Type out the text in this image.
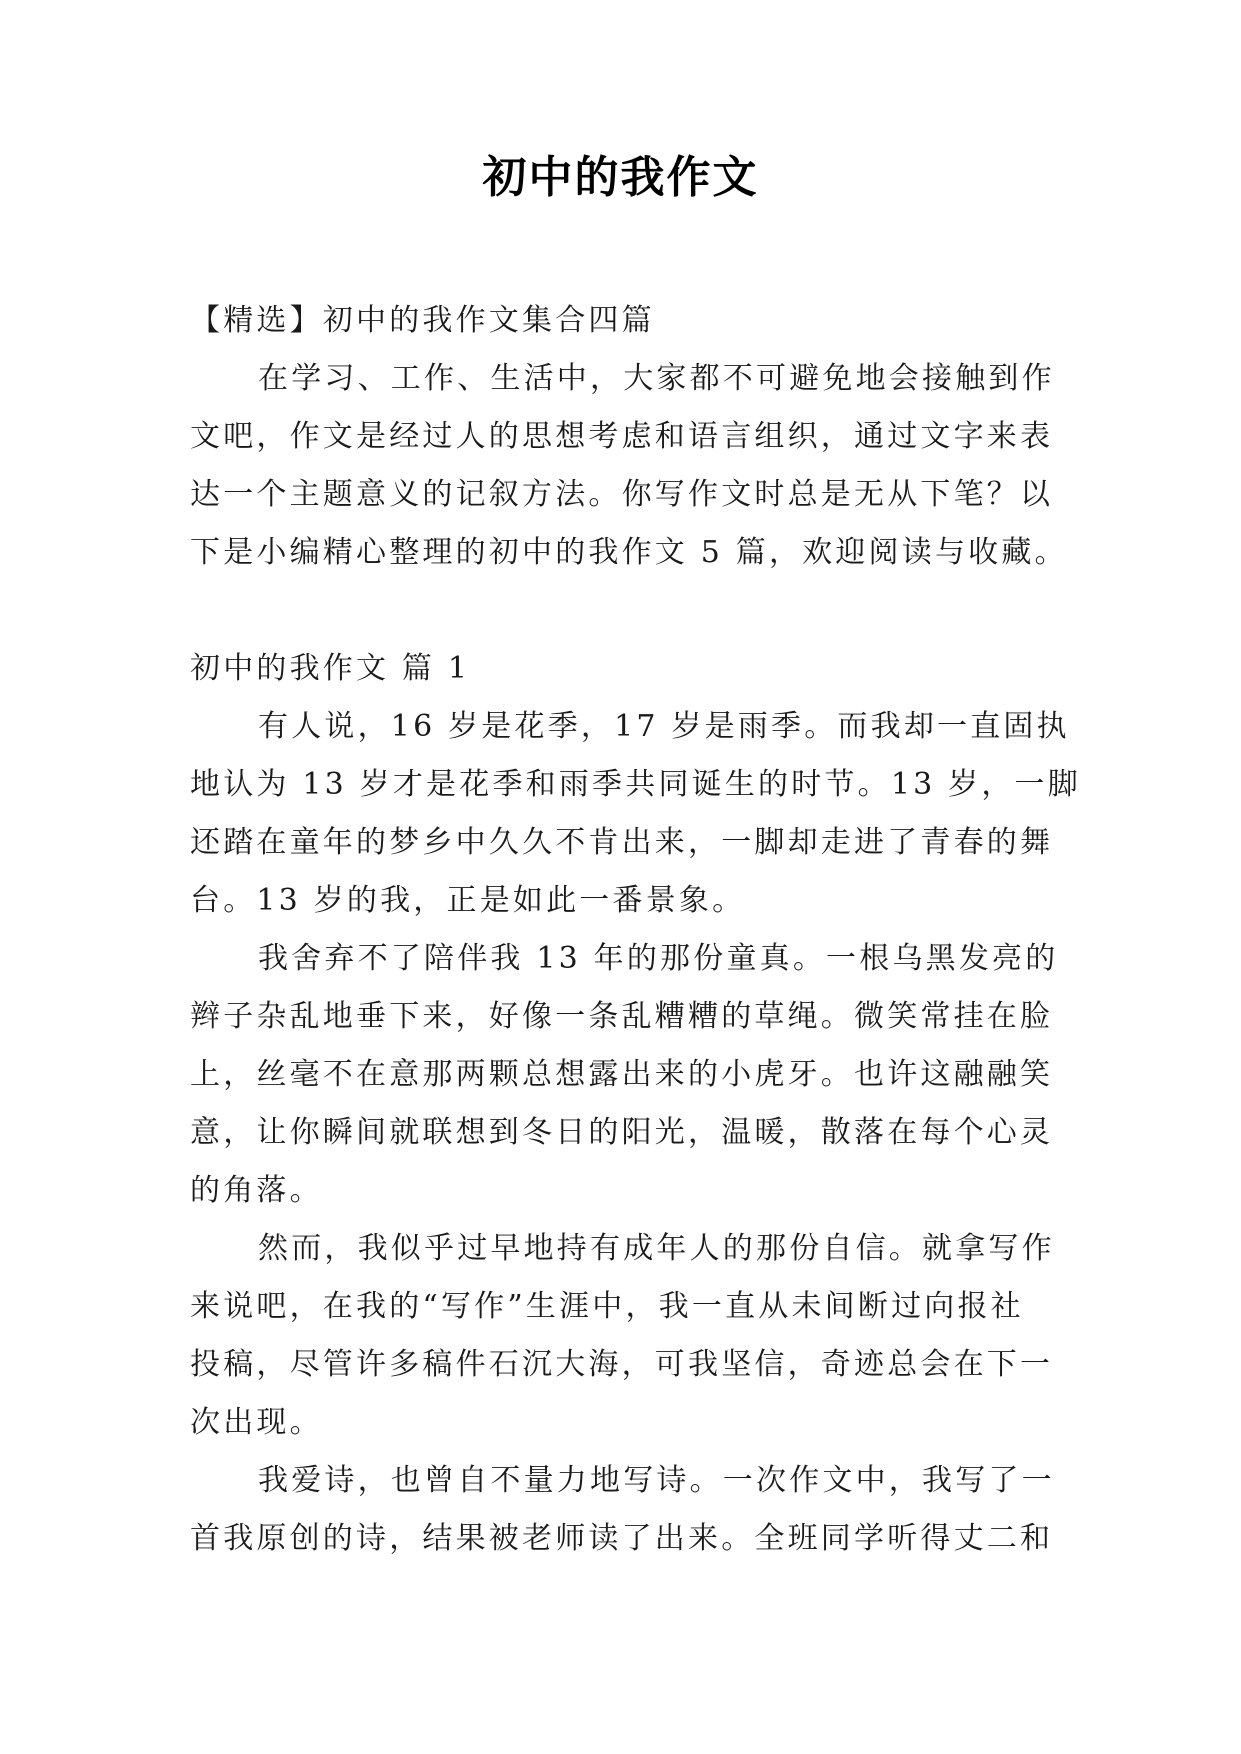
初中的我作文
【精选】初中的我作文集合四篇
在学习、工作、生活中，大家都不可避免地会接触到作
文吧，作文是经过人的思想考虑和语言组织，通过文字来表
达一个主题意义的记叙方法。你写作文时总是无从下笔？以
下是小编精心整理的初中的我作文 5 篇，欢迎阅读与收藏。
初中的我作文 篇 1
有人说，16 岁是花季，17 岁是雨季。而我却一直固执
地认为 13 岁才是花季和雨季共同诞生的时节。13 岁，一脚
还踏在童年的梦乡中久久不肯出来，一脚却走进了青春的舞
台。13 岁的我，正是如此一番景象。
我舍弃不了陪伴我 13 年的那份童真。一根乌黑发亮的
辫子杂乱地垂下来，好像一条乱糟糟的草绳。微笑常挂在脸
上，丝毫不在意那两颗总想露出来的小虎牙。也许这融融笑
意，让你瞬间就联想到冬日的阳光，温暖，散落在每个心灵
的角落。
然而，我似乎过早地持有成年人的那份自信。就拿写作
来说吧，在我的“写作”生涯中，我一直从未间断过向报社
投稿，尽管许多稿件石沉大海，可我坚信，奇迹总会在下一
次出现。
我爱诗，也曾自不量力地写诗。一次作文中，我写了一
首我原创的诗，结果被老师读了出来。全班同学听得丈二和
